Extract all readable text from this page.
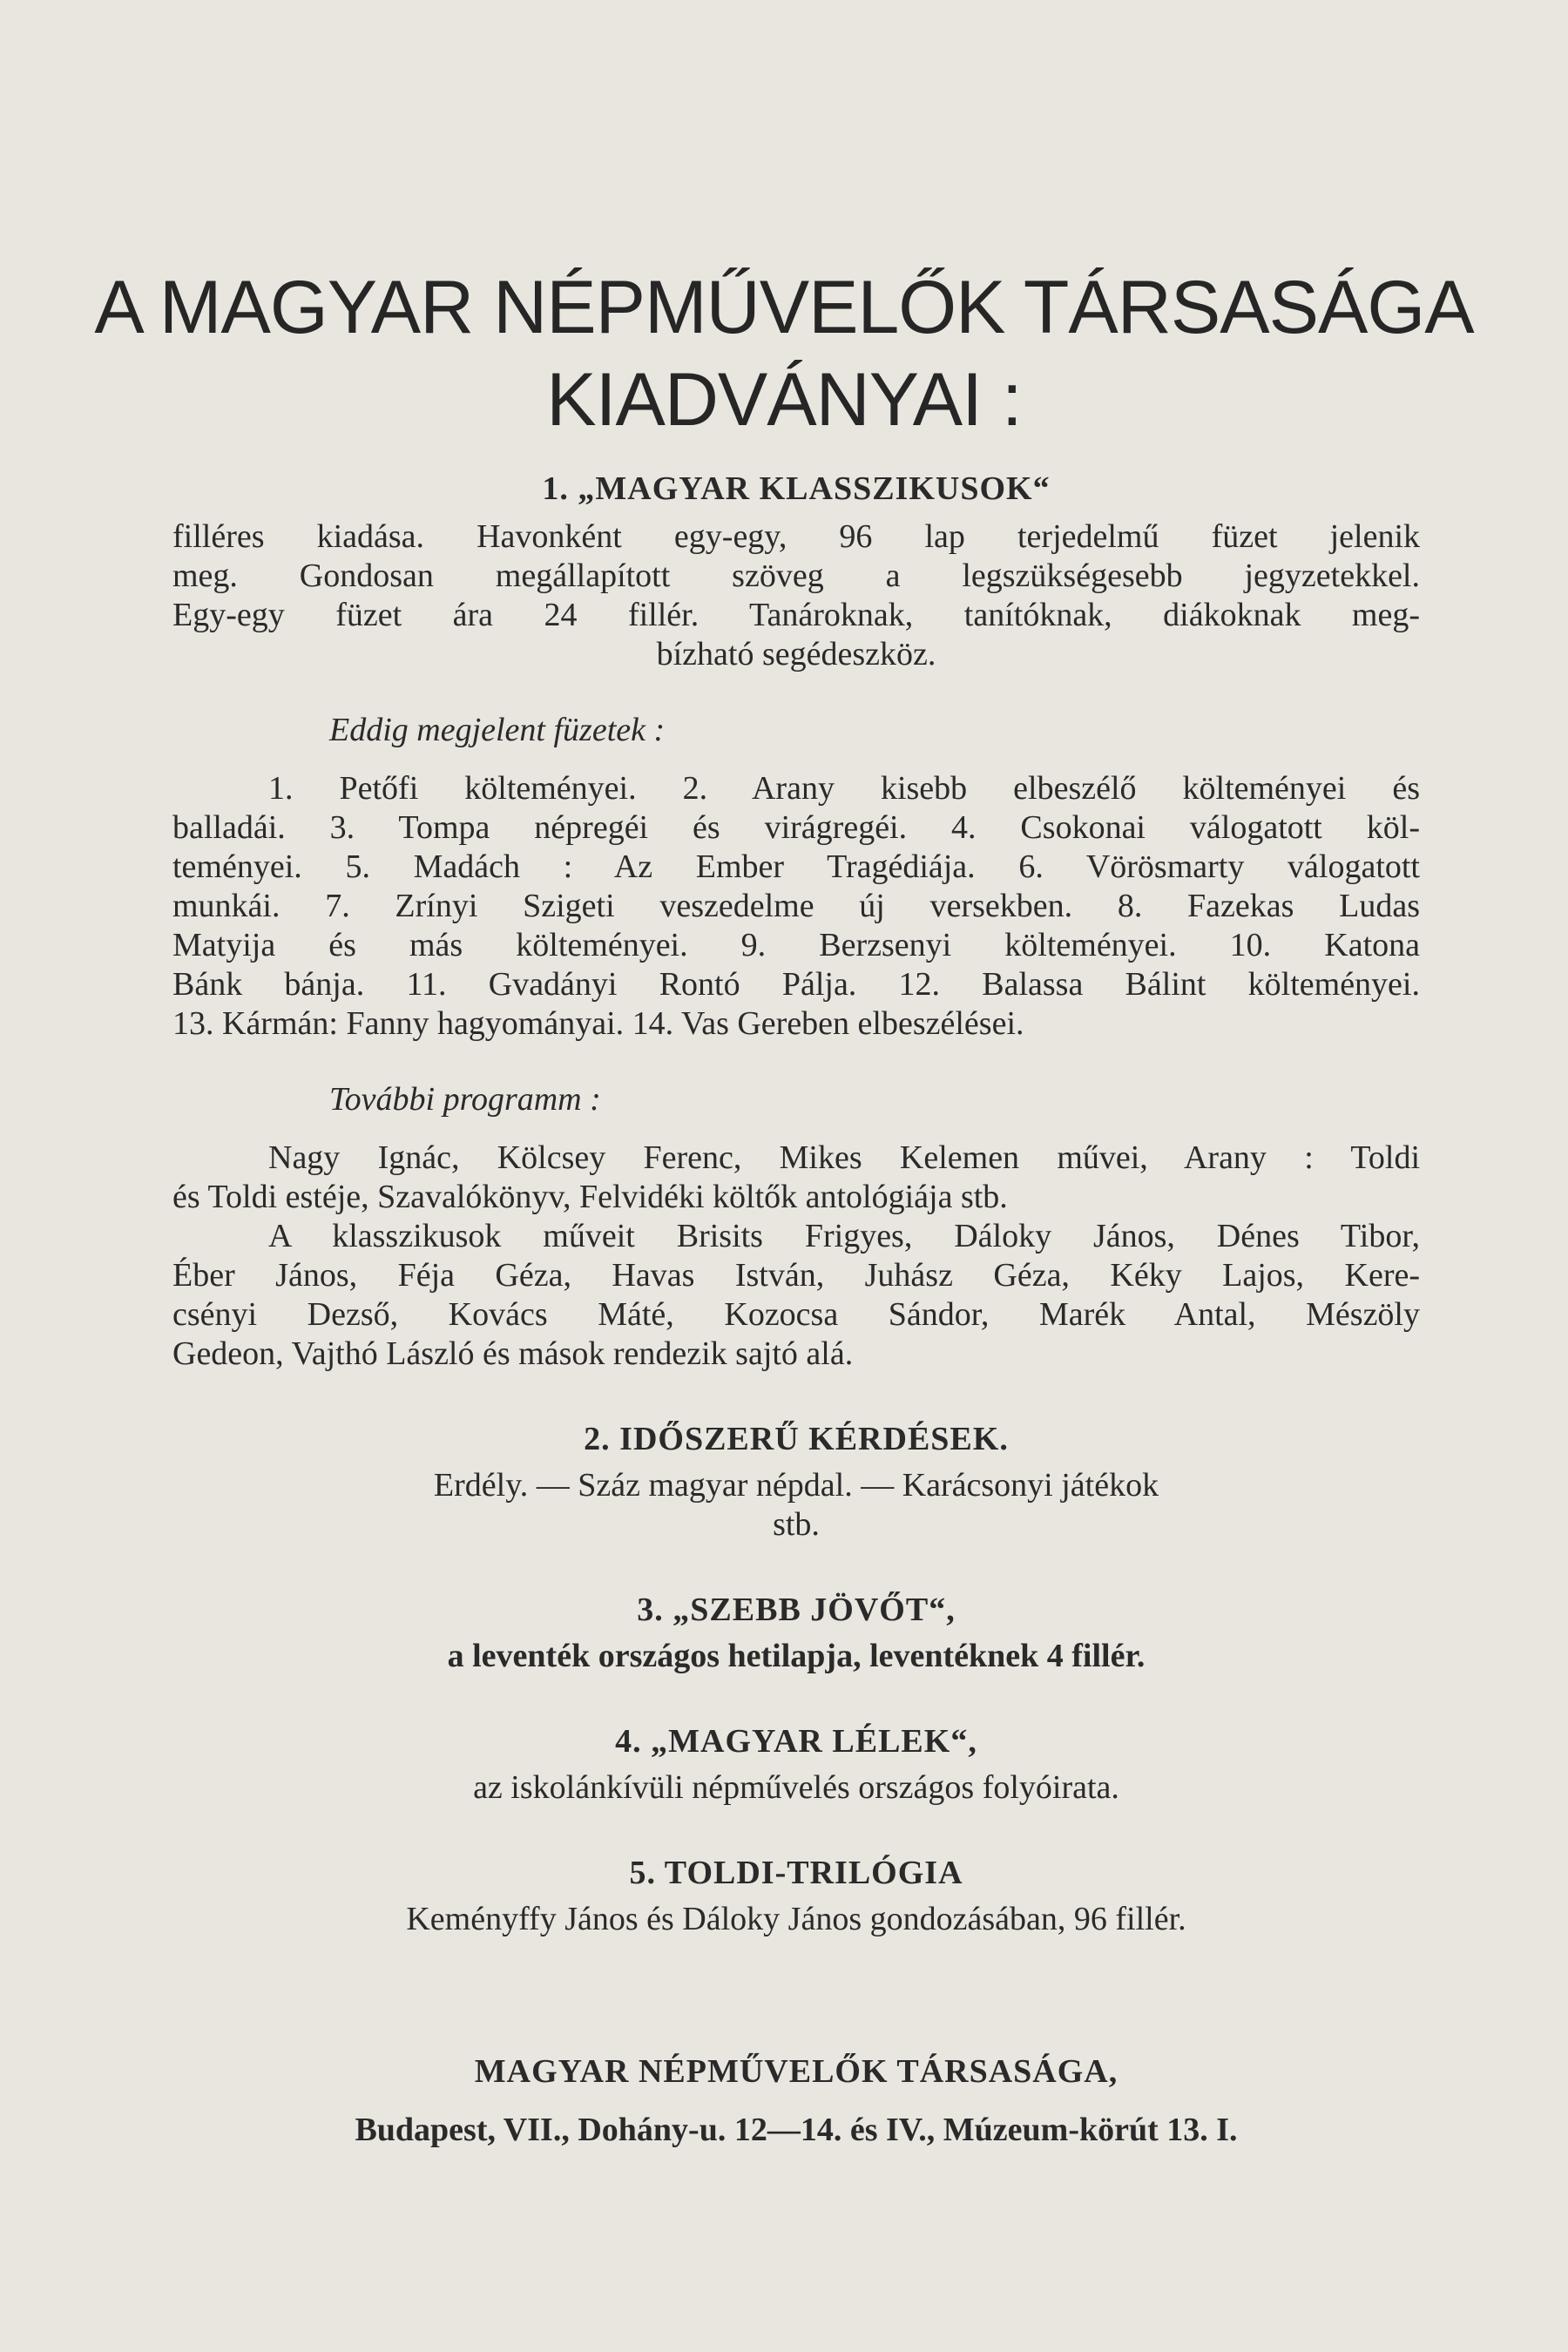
A MAGYAR NÉPMŰVELŐK TÁRSASÁGA
KIADVÁNYAI :
1. „MAGYAR KLASSZIKUSOK“

filléres kiadása. Havonként egy-egy, 96 lap terjedelmű füzet jelenik

meg. Gondosan megállapított szöveg a legszükségesebb jegyzetekkel.

Egy-egy füzet ára 24 fillér. Tanároknak, tanítóknak, diákoknak meg-

bízható segédeszköz.

Eddig megjelent füzetek :

1. Petőfi költeményei. 2. Arany kisebb elbeszélő költeményei és

balladái. 3. Tompa népregéi és virágregéi. 4. Csokonai válogatott köl-

teményei. 5. Madách : Az Ember Tragédiája. 6. Vörösmarty válogatott

munkái. 7. Zrínyi Szigeti veszedelme új versekben. 8. Fazekas Ludas

Matyija és más költeményei. 9. Berzsenyi költeményei. 10. Katona

Bánk bánja. 11. Gvadányi Rontó Pálja. 12. Balassa Bálint költeményei.

13. Kármán: Fanny hagyományai. 14. Vas Gereben elbeszélései.

További programm :

Nagy Ignác, Kölcsey Ferenc, Mikes Kelemen művei, Arany : Toldi

és Toldi estéje, Szavalókönyv, Felvidéki költők antológiája stb.

A klasszikusok műveit Brisits Frigyes, Dáloky János, Dénes Tibor,

Éber János, Féja Géza, Havas István, Juhász Géza, Kéky Lajos, Kere-

csényi Dezső, Kovács Máté, Kozocsa Sándor, Marék Antal, Mészöly

Gedeon, Vajthó László és mások rendezik sajtó alá.

2. IDŐSZERŰ KÉRDÉSEK.

Erdély. — Száz magyar népdal. — Karácsonyi játékok

stb.

3. „SZEBB JÖVŐT“,

a leventék országos hetilapja, leventéknek 4 fillér.

4. „MAGYAR LÉLEK“,

az iskolánkívüli népművelés országos folyóirata.

5. TOLDI-TRILÓGIA

Keményffy János és Dáloky János gondozásában, 96 fillér.

MAGYAR NÉPMŰVELŐK TÁRSASÁGA,
Budapest, VII., Dohány-u. 12—14. és IV., Múzeum-körút 13. I.
